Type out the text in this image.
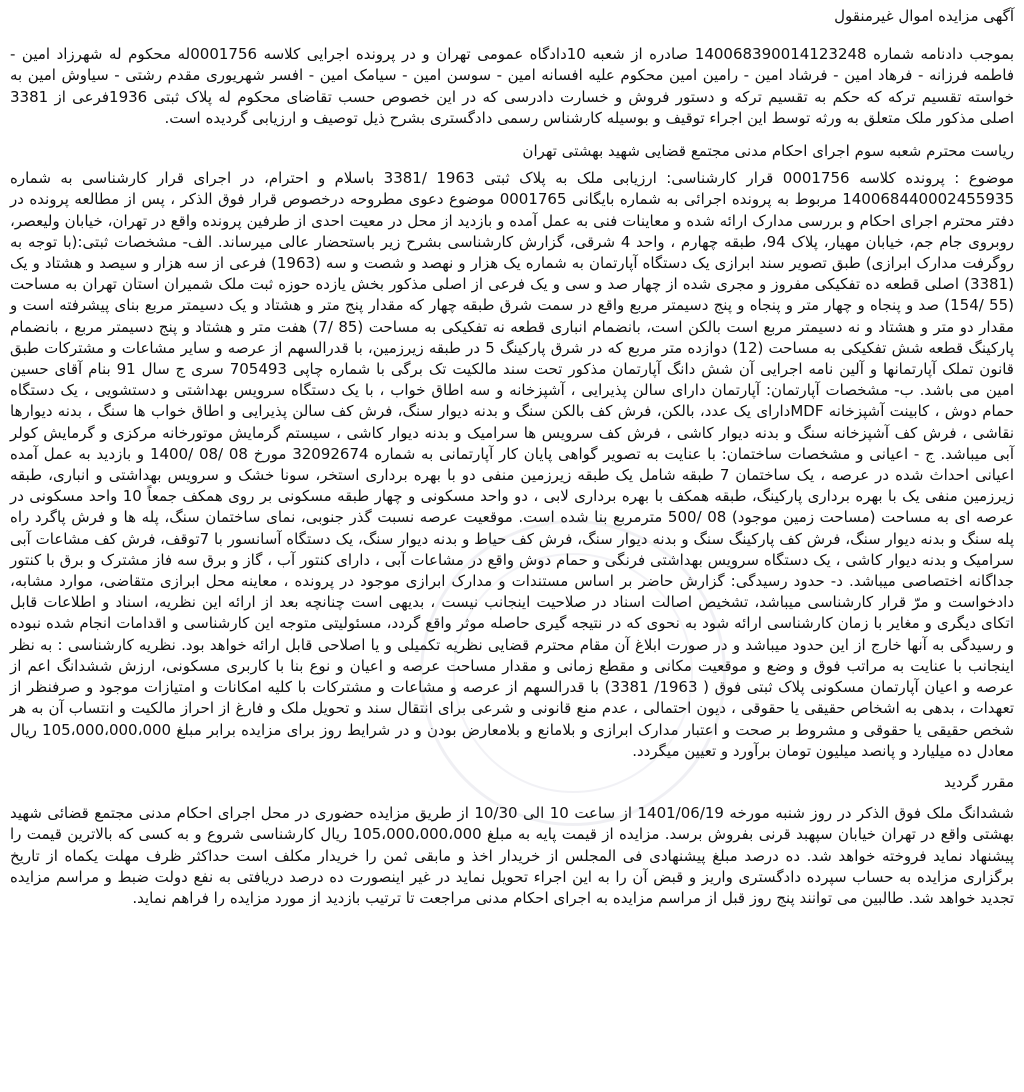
آگهی مزایده اموال غیرمنقول

بموجب دادنامه شماره 140068390014123248 صادره از شعبه 10دادگاه عمومی تهران و در پرونده اجرایی کلاسه 0001756له محکوم له شهرزاد امین - فاطمه فرزانه - فرهاد امین - فرشاد امین - رامین امین محکوم علیه افسانه امین - سوسن امین - سیامک امین - افسر شهریوری مقدم رشتی - سیاوش امین به خواسته تقسیم ترکه که حکم به تقسیم ترکه و دستور فروش و خسارت دادرسی که در این خصوص حسب تقاضای محکوم له پلاک ثبتی 1936فرعی از 3381 اصلی مذکور ملک متعلق به ورثه توسط این اجراء توقیف و بوسیله کارشناس رسمی دادگستری بشرح ذیل توصیف و ارزیابی گردیده است.

ریاست محترم شعبه سوم اجرای احکام مدنی مجتمع قضایی شهید بهشتی تهران

موضوع : پرونده کلاسه 0001756 قرار کارشناسی: ارزیابی ملک به پلاک ثبتی 1963 /3381 باسلام و احترام، در اجرای قرار کارشناسی به شماره 140068440002455935 مربوط به پرونده اجرائی به شماره بایگانی 0001765 موضوع دعوی مطروحه درخصوص قرار فوق الذکر ، پس از مطالعه پرونده در دفتر محترم اجرای احکام و بررسی مدارک ارائه شده و معاینات فنی به عمل آمده و بازدید از محل در معیت احدی از طرفین پرونده واقع در تهران، خیابان ولیعصر، روبروی جام جم، خیابان مهیار، پلاک 94، طبقه چهارم ، واحد 4 شرقی، گزارش کارشناسی بشرح زیر باستحضار عالی میرساند. الف- مشخصات ثبتی:(با توجه به روگرفت مدارک ابرازی) طبق تصویر سند ابرازی یک دستگاه آپارتمان به شماره یک هزار و نهصد و شصت و سه (1963) فرعی از سه هزار و سیصد و هشتاد و یک (3381) اصلی قطعه ده تفکیکی مفروز و مجری شده از چهار صد و سی و یک فرعی از اصلی مذکور بخش یازده حوزه ثبت ملک شمیران استان تهران به مساحت (55 /154) صد و پنجاه و چهار متر و پنجاه و پنج دسیمتر مربع واقع در سمت شرق طبقه چهار که مقدار پنج متر و هشتاد و یک دسیمتر مربع بنای پیشرفته است و مقدار دو متر و هشتاد و نه دسیمتر مربع است بالکن است، بانضمام انباری قطعه نه تفکیکی به مساحت (85 /7) هفت متر و هشتاد و پنج دسیمتر مربع ، بانضمام پارکینگ قطعه شش تفکیکی به مساحت (12) دوازده متر مربع که در شرق پارکینگ 5 در طبقه زیرزمین، با قدرالسهم از عرصه و سایر مشاعات و مشترکات طبق قانون تملک آپارتمانها و آلین نامه اجرایی آن شش دانگ آپارتمان مذکور تحت سند مالکیت تک برگی با شماره چاپی 705493 سری ج سال 91 بنام آقای حسین امین می باشد. ب- مشخصات آپارتمان: آپارتمان دارای سالن پذیرایی ، آشپزخانه و سه اطاق خواب ، با یک دستگاه سرویس بهداشتی و دستشویی ، یک دستگاه حمام دوش ، کابینت آشپزخانه MDFدارای یک عدد، بالکن، فرش کف بالکن سنگ و بدنه دیوار سنگ، فرش کف سالن پذیرایی و اطاق خواب ها سنگ ، بدنه دیوارها نقاشی ، فرش کف آشپزخانه سنگ و بدنه دیوار کاشی ، فرش کف سرویس ها سرامیک و بدنه دیوار کاشی ، سیستم گرمایش موتورخانه مرکزی و گرمایش کولر آبی میباشد. ج - اعیانی و مشخصات ساختمان: با عنایت به تصویر گواهی پایان کار آپارتمانی به شماره 32092674 مورخ 08 /08 /1400 و بازدید به عمل آمده اعیانی احداث شده در عرصه ، یک ساختمان 7 طبقه شامل یک طبقه زیرزمین منفی دو با بهره برداری استخر، سونا خشک و سرویس بهداشتی و انباری، طبقه زیرزمین منفی یک با بهره برداری پارکینگ، طبقه همکف با بهره برداری لابی ، دو واحد مسکونی و چهار طبقه مسکونی بر روی همکف جمعاً 10 واحد مسکونی در عرصه ای به مساحت (مساحت زمین موجود) 08 /500 مترمربع بنا شده است. موقعیت عرصه نسبت گذر جنوبی، نمای ساختمان سنگ، پله ها و فرش پاگرد راه پله سنگ و بدنه دیوار سنگ، فرش کف پارکینگ سنگ و بدنه دیوار سنگ، فرش کف حیاط و بدنه دیوار سنگ، یک دستگاه آسانسور با 7توقف، فرش کف مشاعات آبی سرامیک و بدنه دیوار کاشی ، یک دستگاه سرویس بهداشتی فرنگی و حمام دوش واقع در مشاعات آبی ، دارای کنتور آب ، گاز و برق سه فاز مشترک و برق با کنتور جداگانه اختصاصی میباشد. د- حدود رسیدگی: گزارش حاضر بر اساس مستندات و مدارک ابرازی موجود در پرونده ، معاینه محل ابرازی متقاضی، موارد مشابه، دادخواست و مرّ قرار کارشناسی میباشد، تشخیص اصالت اسناد در صلاحیت اینجانب نیست ، بدیهی است چنانچه بعد از ارائه این نظریه، اسناد و اطلاعات قابل اتکای دیگری و مغایر با زمان کارشناسی ارائه شود به نحوی که در نتیجه گیری حاصله موثر واقع گردد، مسئولیتی متوجه این کارشناسی و اقدامات انجام شده نبوده و رسیدگی به آنها خارج از این حدود میباشد و در صورت ابلاغ آن مقام محترم قضایی نظریه تکمیلی و یا اصلاحی قابل ارائه خواهد بود. نظریه کارشناسی : به نظر اینجانب با عنایت به مراتب فوق و وضع و موقعیت مکانی و مقطع زمانی و مقدار مساحت عرصه و اعیان و نوع بنا با کاربری مسکونی، ارزش ششدانگ اعم از عرصه و اعیان آپارتمان مسکونی پلاک ثبتی فوق ( 1963/ 3381) با قدرالسهم از عرصه و مشاعات و مشترکات با کلیه امکانات و امتیازات موجود و صرفنظر از تعهدات ، بدهی به اشخاص حقیقی یا حقوقی ، دیون احتمالی ، عدم منع قانونی و شرعی برای انتقال سند و تحویل ملک و فارغ از احراز مالکیت و انتساب آن به هر شخص حقیقی یا حقوقی و مشروط بر صحت و اعتبار مدارک ابرازی و بلامانع و بلامعارض بودن و در شرایط روز برای مزایده برابر مبلغ 105،000،000،000 ریال معادل ده میلیارد و پانصد میلیون تومان برآورد و تعیین میگردد.

مقرر گردید

ششدانگ ملک فوق الذکر در روز شنبه مورخه 1401/06/19 از ساعت 10 الی 10/30 از طریق مزایده حضوری در محل اجرای احکام مدنی مجتمع قضائی شهید بهشتی واقع در تهران خیابان سپهبد قرنی بفروش برسد. مزایده از قیمت پایه به مبلغ 105،000،000،000 ریال کارشناسی شروع و به کسی که بالاترین قیمت را پیشنهاد نماید فروخته خواهد شد. ده درصد مبلغ پیشنهادی فی المجلس از خریدار اخذ و مابقی ثمن را خریدار مکلف است حداکثر ظرف مهلت یکماه از تاریخ برگزاری مزایده به حساب سپرده دادگستری واریز و قبض آن را به این اجراء تحویل نماید در غیر اینصورت ده درصد دریافتی به نفع دولت ضبط و مراسم مزایده تجدید خواهد شد. طالبین می توانند پنج روز قبل از مراسم مزایده به اجرای احکام مدنی مراجعت تا ترتیب بازدید از مورد مزایده را فراهم نماید.
